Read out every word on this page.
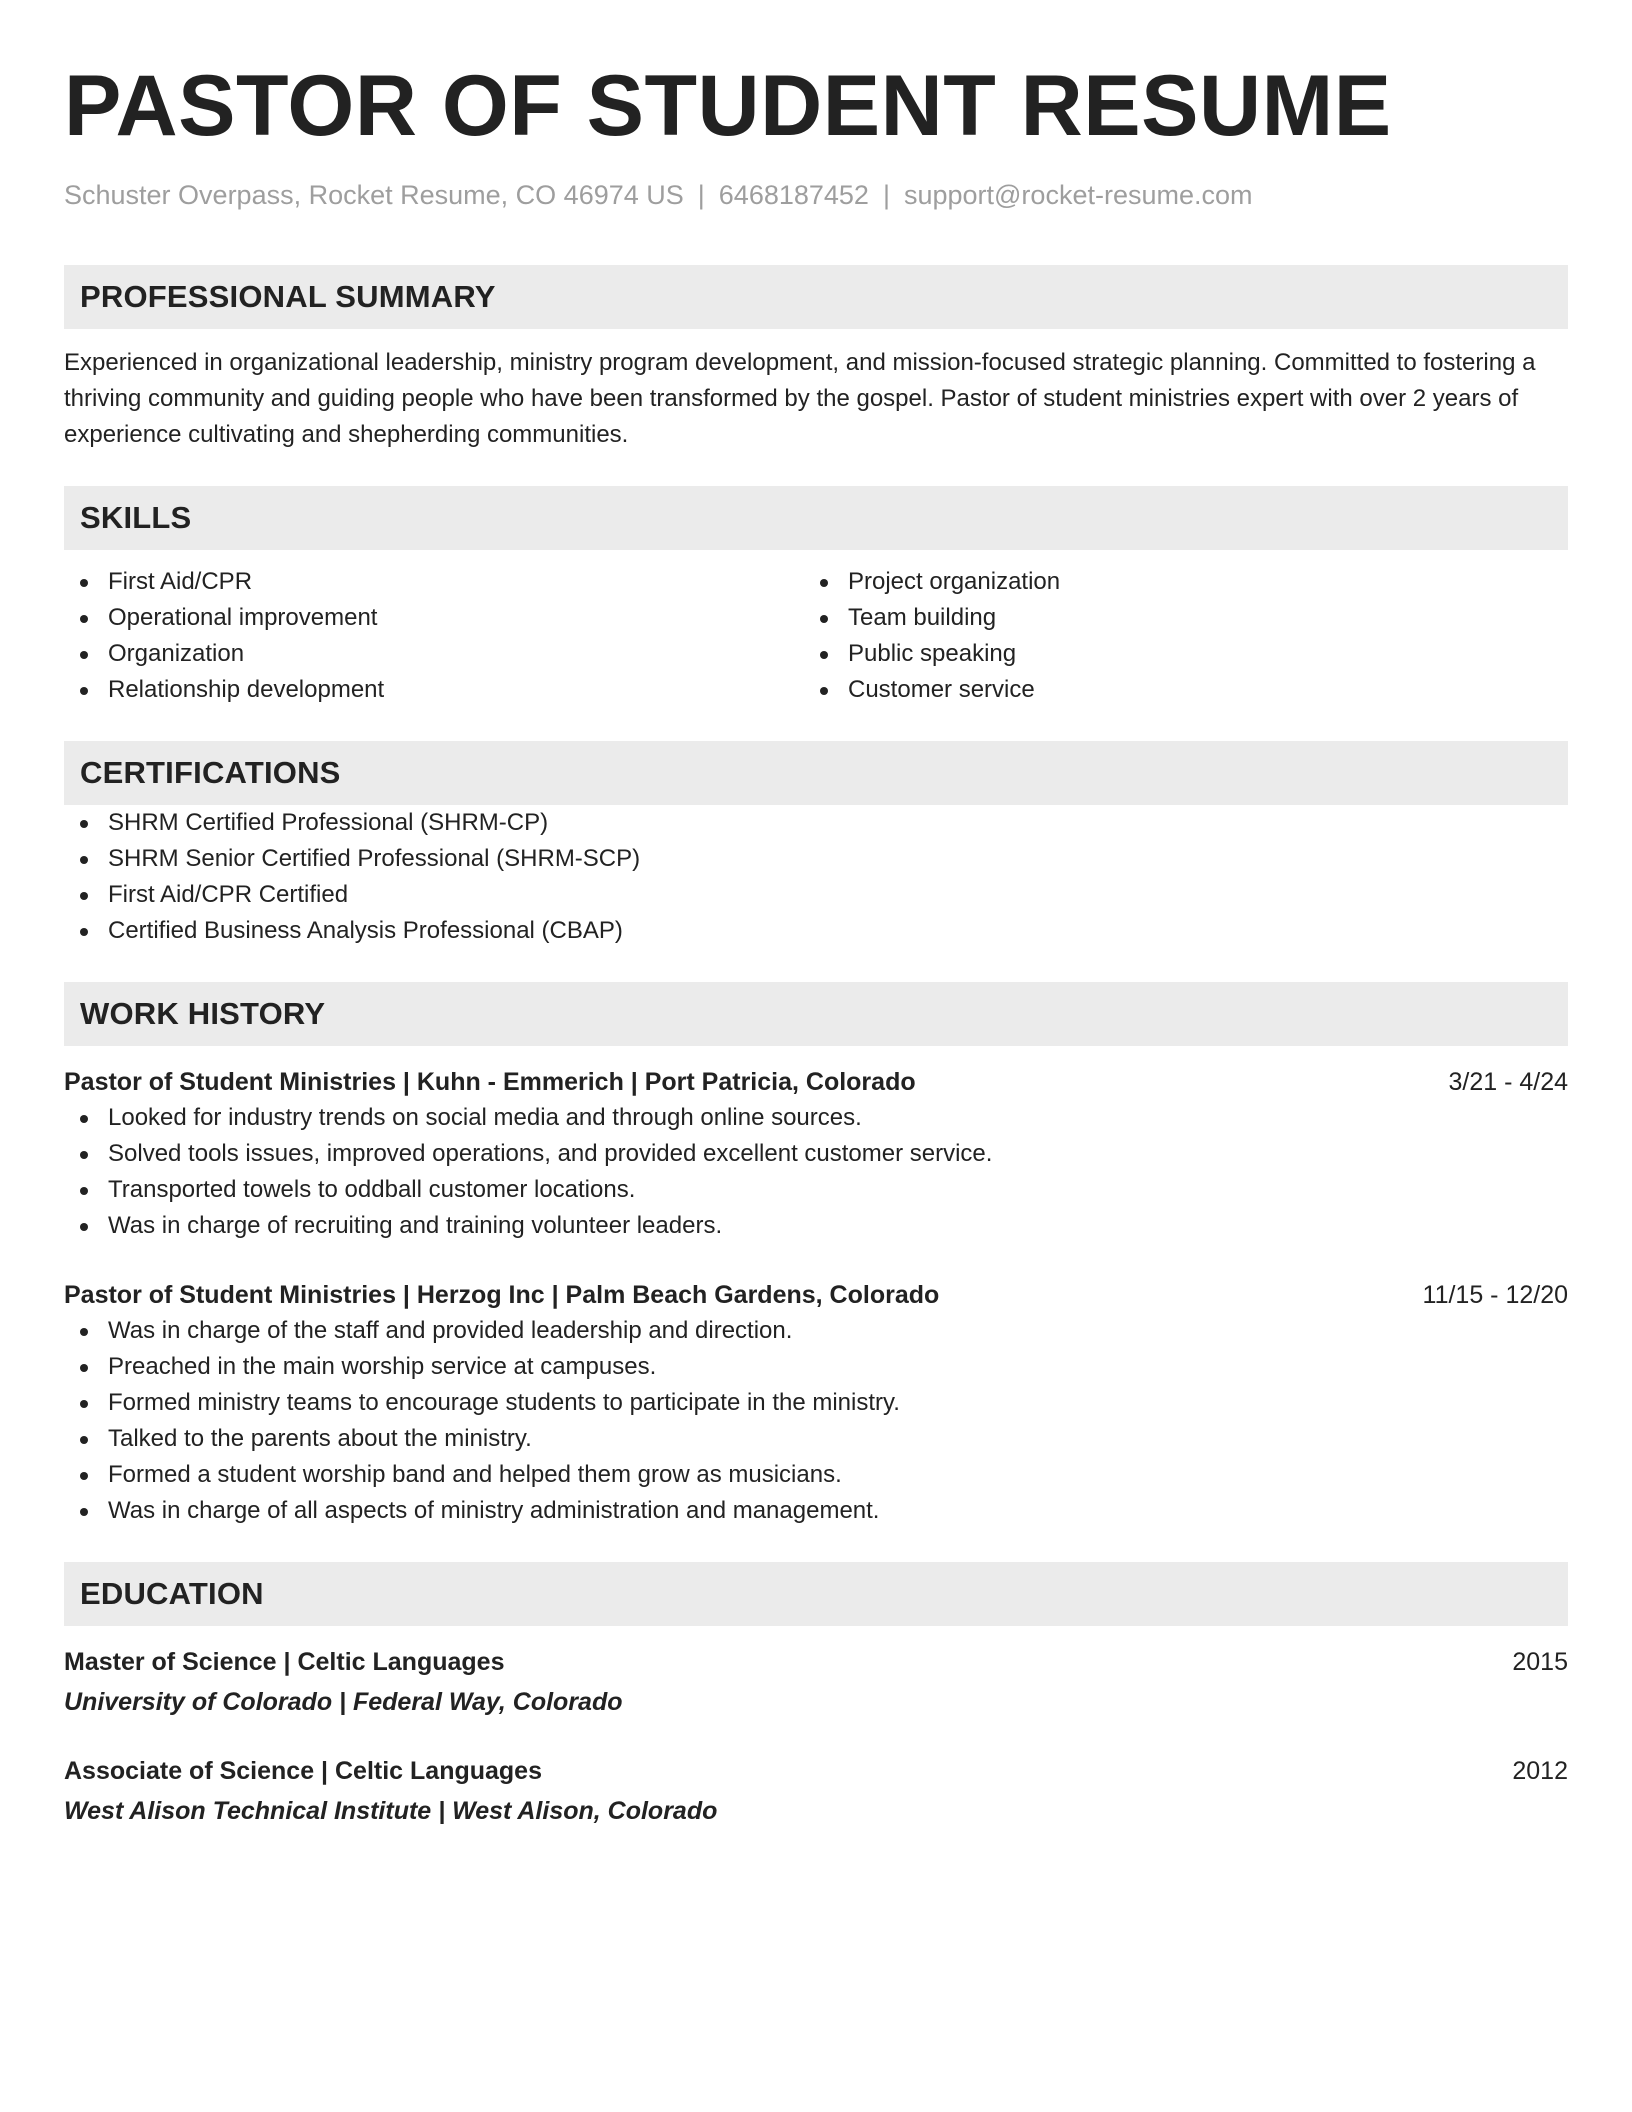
PASTOR OF STUDENT RESUME
Schuster Overpass, Rocket Resume, CO 46974 US | 6468187452 | support@rocket-resume.com
PROFESSIONAL SUMMARY

Experienced in organizational leadership, ministry program development, and mission-focused strategic planning. Committed to fostering a thriving community and guiding people who have been transformed by the gospel. Pastor of student ministries expert with over 2 years of experience cultivating and shepherding communities.

SKILLS
First Aid/CPR
Operational improvement
Organization
Relationship development
Project organization
Team building
Public speaking
Customer service
CERTIFICATIONS
SHRM Certified Professional (SHRM-CP)
SHRM Senior Certified Professional (SHRM-SCP)
First Aid/CPR Certified
Certified Business Analysis Professional (CBAP)
WORK HISTORY
Pastor of Student Ministries | Kuhn - Emmerich | Port Patricia, Colorado	3/21 - 4/24
Looked for industry trends on social media and through online sources.
Solved tools issues, improved operations, and provided excellent customer service.
Transported towels to oddball customer locations.
Was in charge of recruiting and training volunteer leaders.
Pastor of Student Ministries | Herzog Inc | Palm Beach Gardens, Colorado	11/15 - 12/20
Was in charge of the staff and provided leadership and direction.
Preached in the main worship service at campuses.
Formed ministry teams to encourage students to participate in the ministry.
Talked to the parents about the ministry.
Formed a student worship band and helped them grow as musicians.
Was in charge of all aspects of ministry administration and management.
EDUCATION
Master of Science | Celtic Languages	2015
University of Colorado | Federal Way, Colorado
Associate of Science | Celtic Languages	2012
West Alison Technical Institute | West Alison, Colorado
